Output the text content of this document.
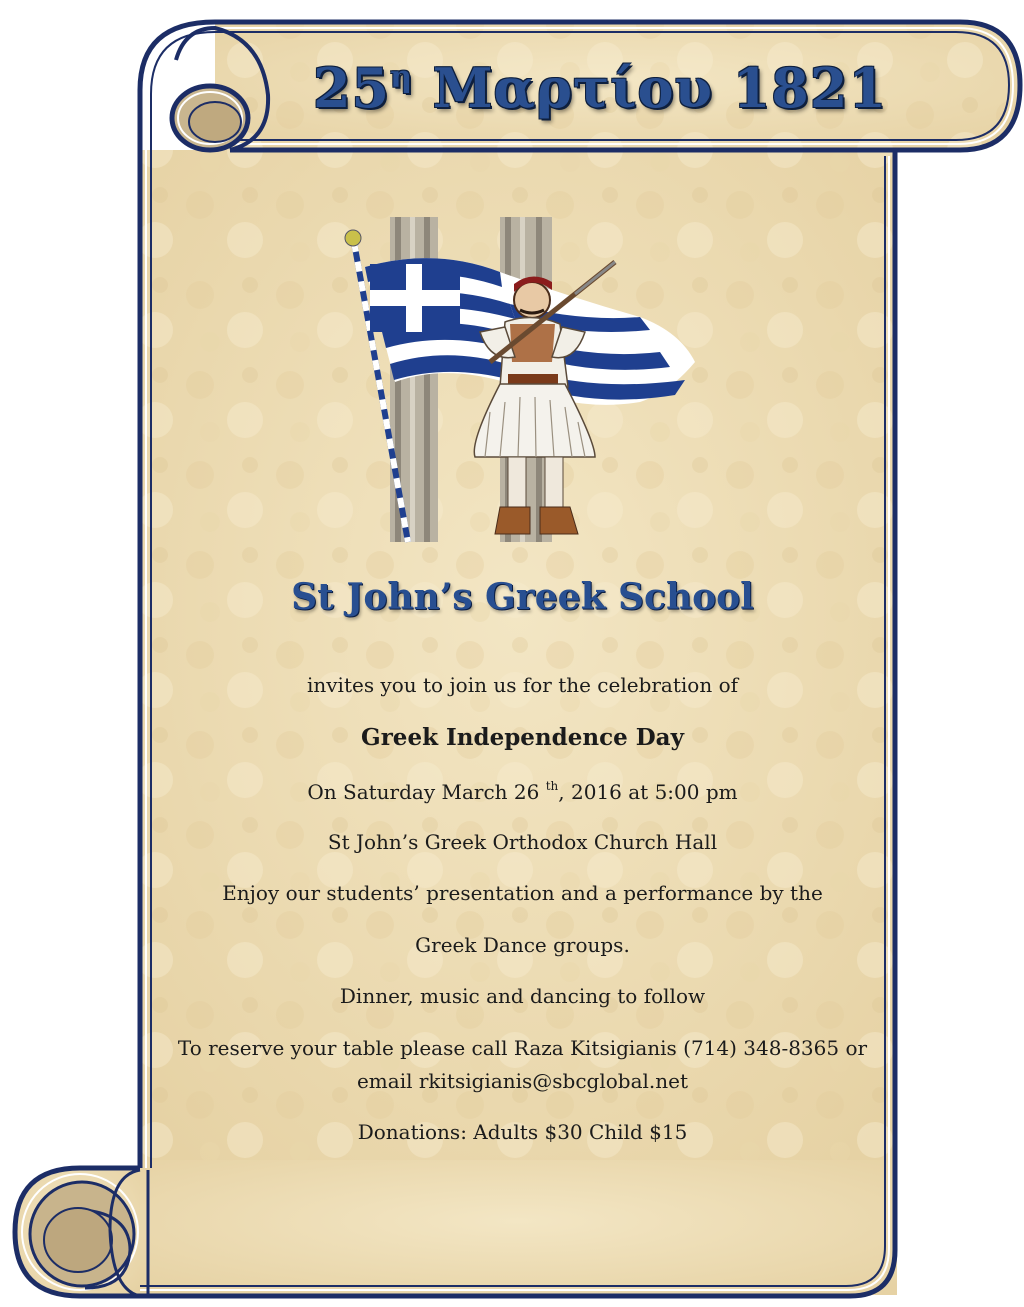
$25^\eta$ Μαρτίου 1821
St John’s Greek School
invites you to join us for the celebration of
Greek Independence Day
On Saturday March 26 $^{th}$, 2016 at 5:00 pm
St John’s Greek Orthodox Church Hall
Enjoy our students’ presentation and a performance by the
Greek Dance groups.
Dinner, music and dancing to follow
To reserve your table please call Raza Kitsigianis (714) 348-8365 or
email rkitsigianis@sbcglobal.net
Donations: Adults $30 Child $15
